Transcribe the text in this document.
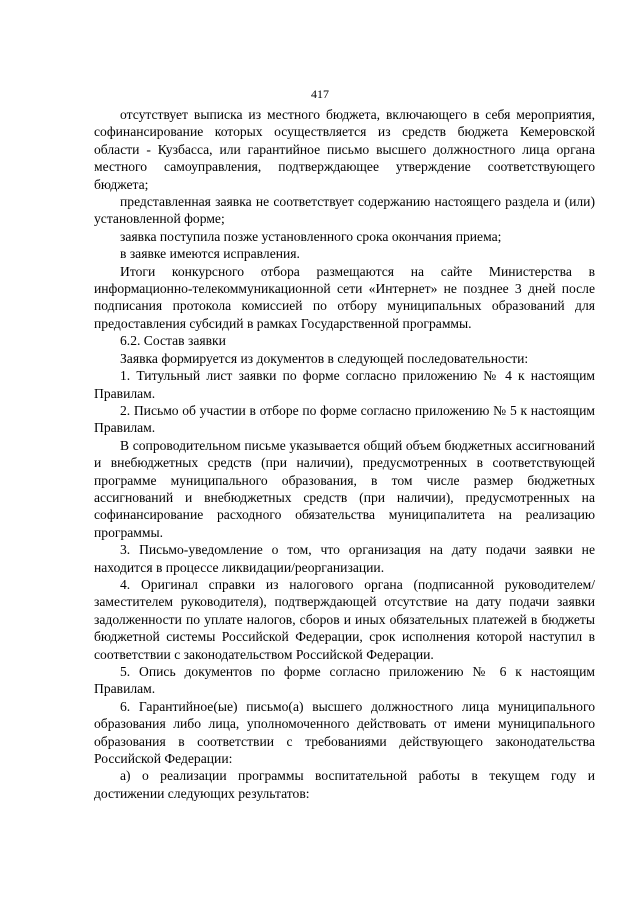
417

отсутствует выписка из местного бюджета, включающего в себя мероприятия, софинансирование которых осуществляется из средств бюджета Кемеровской области - Кузбасса, или гарантийное письмо высшего должностного лица органа местного самоуправления, подтверждающее утверждение соответствующего бюджета;

представленная заявка не соответствует содержанию настоящего раздела и (или) установленной форме;

заявка поступила позже установленного срока окончания приема;

в заявке имеются исправления.

Итоги конкурсного отбора размещаются на сайте Министерства в информационно-телекоммуникационной сети «Интернет» не позднее 3 дней после подписания протокола комиссией по отбору муниципальных образований для предоставления субсидий в рамках Государственной программы.

6.2. Состав заявки

Заявка формируется из документов в следующей последовательности:

1. Титульный лист заявки по форме согласно приложению № 4 к настоящим Правилам.

2. Письмо об участии в отборе по форме согласно приложению № 5 к настоящим Правилам.

В сопроводительном письме указывается общий объем бюджетных ассигнований и внебюджетных средств (при наличии), предусмотренных в соответствующей программе муниципального образования, в том числе размер бюджетных ассигнований и внебюджетных средств (при наличии), предусмотренных на софинансирование расходного обязательства муниципалитета на реализацию программы.

3. Письмо-уведомление о том, что организация на дату подачи заявки не находится в процессе ликвидации/реорганизации.

4. Оригинал справки из налогового органа (подписанной руководителем/заместителем руководителя), подтверждающей отсутствие на дату подачи заявки задолженности по уплате налогов, сборов и иных обязательных платежей в бюджеты бюджетной системы Российской Федерации, срок исполнения которой наступил в соответствии с законодательством Российской Федерации.

5. Опись документов по форме согласно приложению № 6 к настоящим Правилам.

6. Гарантийное(ые) письмо(а) высшего должностного лица муниципального образования либо лица, уполномоченного действовать от имени муниципального образования в соответствии с требованиями действующего законодательства Российской Федерации:

а) о реализации программы воспитательной работы в текущем году и достижении следующих результатов:
